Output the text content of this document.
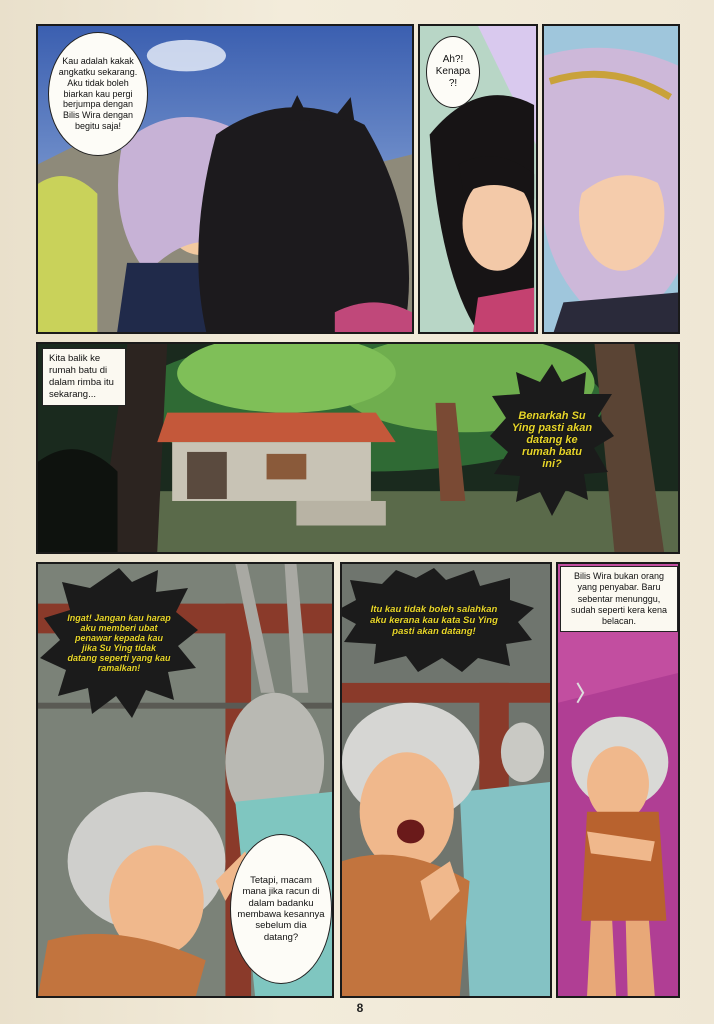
Kau adalah kakak angkatku sekarang. Aku tidak boleh biarkan kau pergi berjumpa dengan Bilis Wira dengan begitu saja!
Ah?! Kenapa ?!
Kita balik ke rumah batu di dalam rimba itu sekarang...
Benarkah Su Ying pasti akan datang ke rumah batu ini?
Ingat! Jangan kau harap aku memberi ubat penawar kepada kau jika Su Ying tidak datang seperti yang kau ramalkan!
Tetapi, macam mana jika racun di dalam badanku membawa kesannya sebelum dia datang?
Itu kau tidak boleh salahkan aku kerana kau kata Su Ying pasti akan datang!
Bilis Wira bukan orang yang penyabar. Baru sebentar menunggu, sudah seperti kera kena belacan.
8
